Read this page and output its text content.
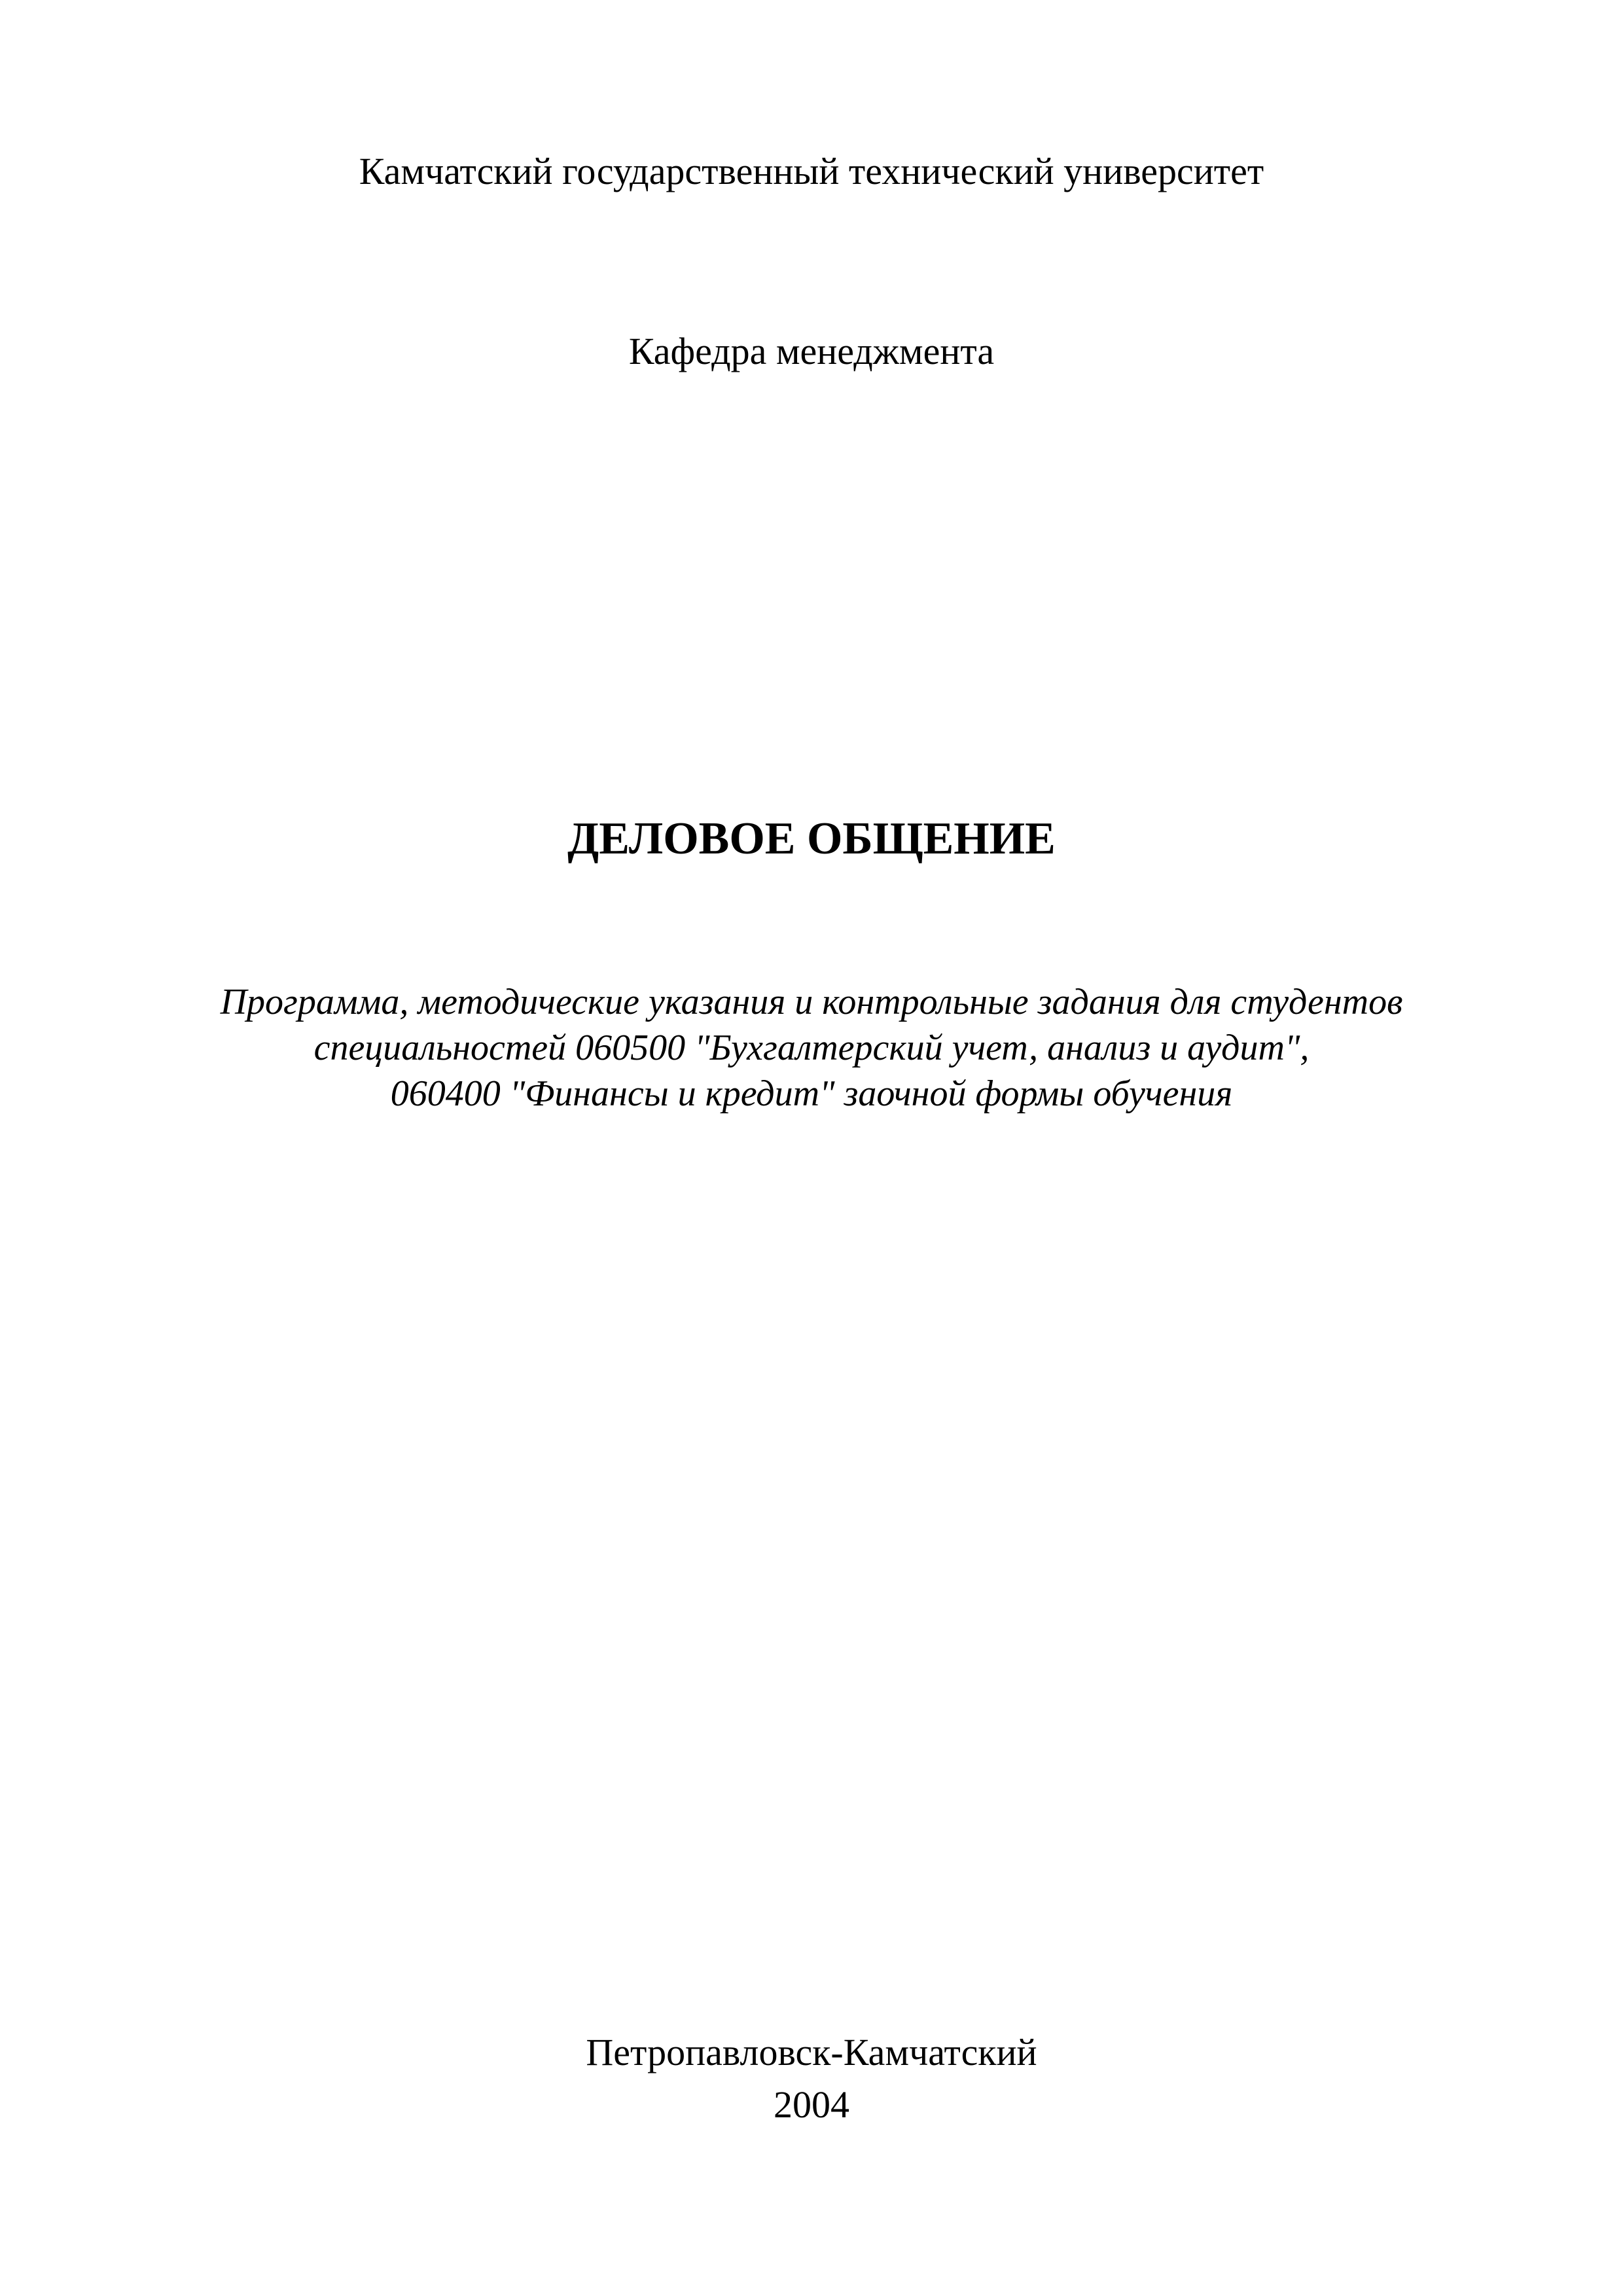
Камчатский государственный технический университет

Кафедра менеджмента

ДЕЛОВОЕ ОБЩЕНИЕ
Программа, методические указания и контрольные задания для студентов
специальностей 060500 "Бухгалтерский учет, анализ и аудит",
060400 "Финансы и кредит" заочной формы обучения

Петропавловск-Камчатский

2004
